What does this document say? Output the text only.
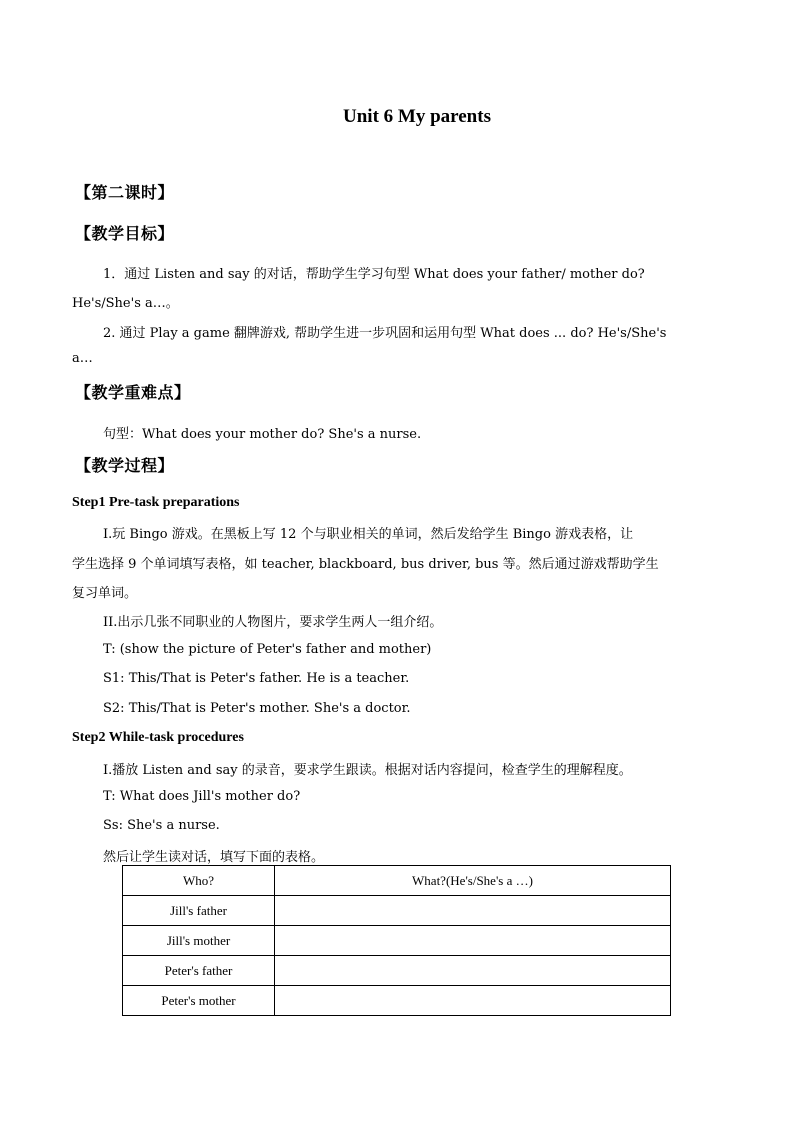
Unit 6 My parents
【第二课时】
【教学目标】
1．通过 Listen and say 的对话，帮助学生学习句型 What does your father/ mother do?
He's/She's a…。
2. 通过 Play a game 翻牌游戏, 帮助学生进一步巩固和运用句型 What does ... do? He's/She's
a…
【教学重难点】
句型：What does your mother do? She's a nurse.
【教学过程】
Step1 Pre-task preparations
I.玩 Bingo 游戏。在黑板上写 12 个与职业相关的单词，然后发给学生 Bingo 游戏表格，让
学生选择 9 个单词填写表格，如 teacher, blackboard, bus driver, bus 等。然后通过游戏帮助学生
复习单词。
II.出示几张不同职业的人物图片，要求学生两人一组介绍。
T: (show the picture of Peter's father and mother)
S1: This/That is Peter's father. He is a teacher.
S2: This/That is Peter's mother. She's a doctor.
Step2 While-task procedures
I.播放 Listen and say 的录音，要求学生跟读。根据对话内容提问，检查学生的理解程度。
T: What does Jill's mother do?
Ss: She's a nurse.
然后让学生读对话，填写下面的表格。
Who?	What?(He's/She's a …)
Jill's father	
Jill's mother	
Peter's father	
Peter's mother	
